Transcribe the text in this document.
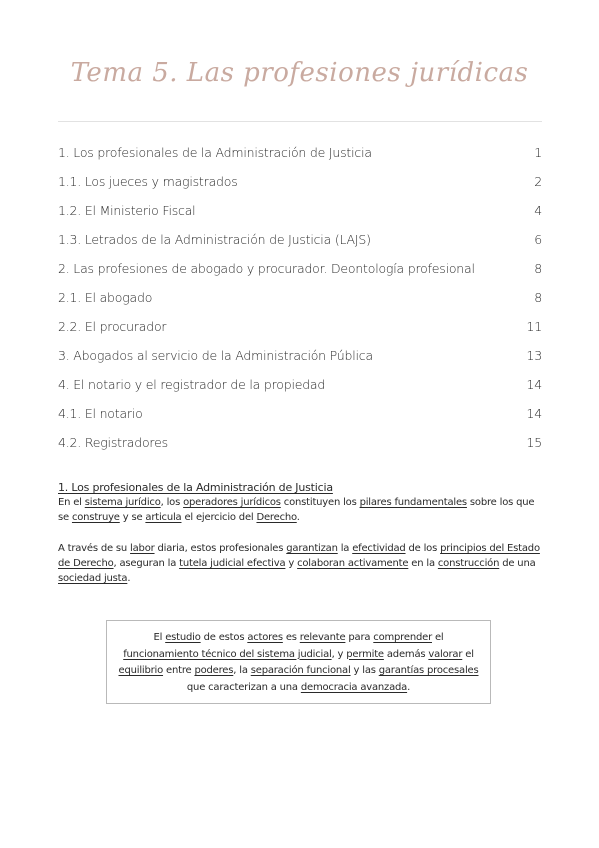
Tema 5. Las profesiones jurídicas
1. Los profesionales de la Administración de Justicia	1
1.1. Los jueces y magistrados	2
1.2. El Ministerio Fiscal	4
1.3. Letrados de la Administración de Justicia (LAJS)	6
2. Las profesiones de abogado y procurador. Deontología profesional	8
2.1. El abogado	8
2.2. El procurador	11
3. Abogados al servicio de la Administración Pública	13
4. El notario y el registrador de la propiedad	14
4.1. El notario	14
4.2. Registradores	15
1. Los profesionales de la Administración de Justicia

En el sistema jurídico, los operadores jurídicos constituyen los pilares fundamentales sobre los que se construye y se articula el ejercicio del Derecho.

A través de su labor diaria, estos profesionales garantizan la efectividad de los principios del Estado de Derecho, aseguran la tutela judicial efectiva y colaboran activamente en la construcción de una sociedad justa.

El estudio de estos actores es relevante para comprender el funcionamiento técnico del sistema judicial, y permite además valorar el equilibrio entre poderes, la separación funcional y las garantías procesales que caracterizan a una democracia avanzada.
